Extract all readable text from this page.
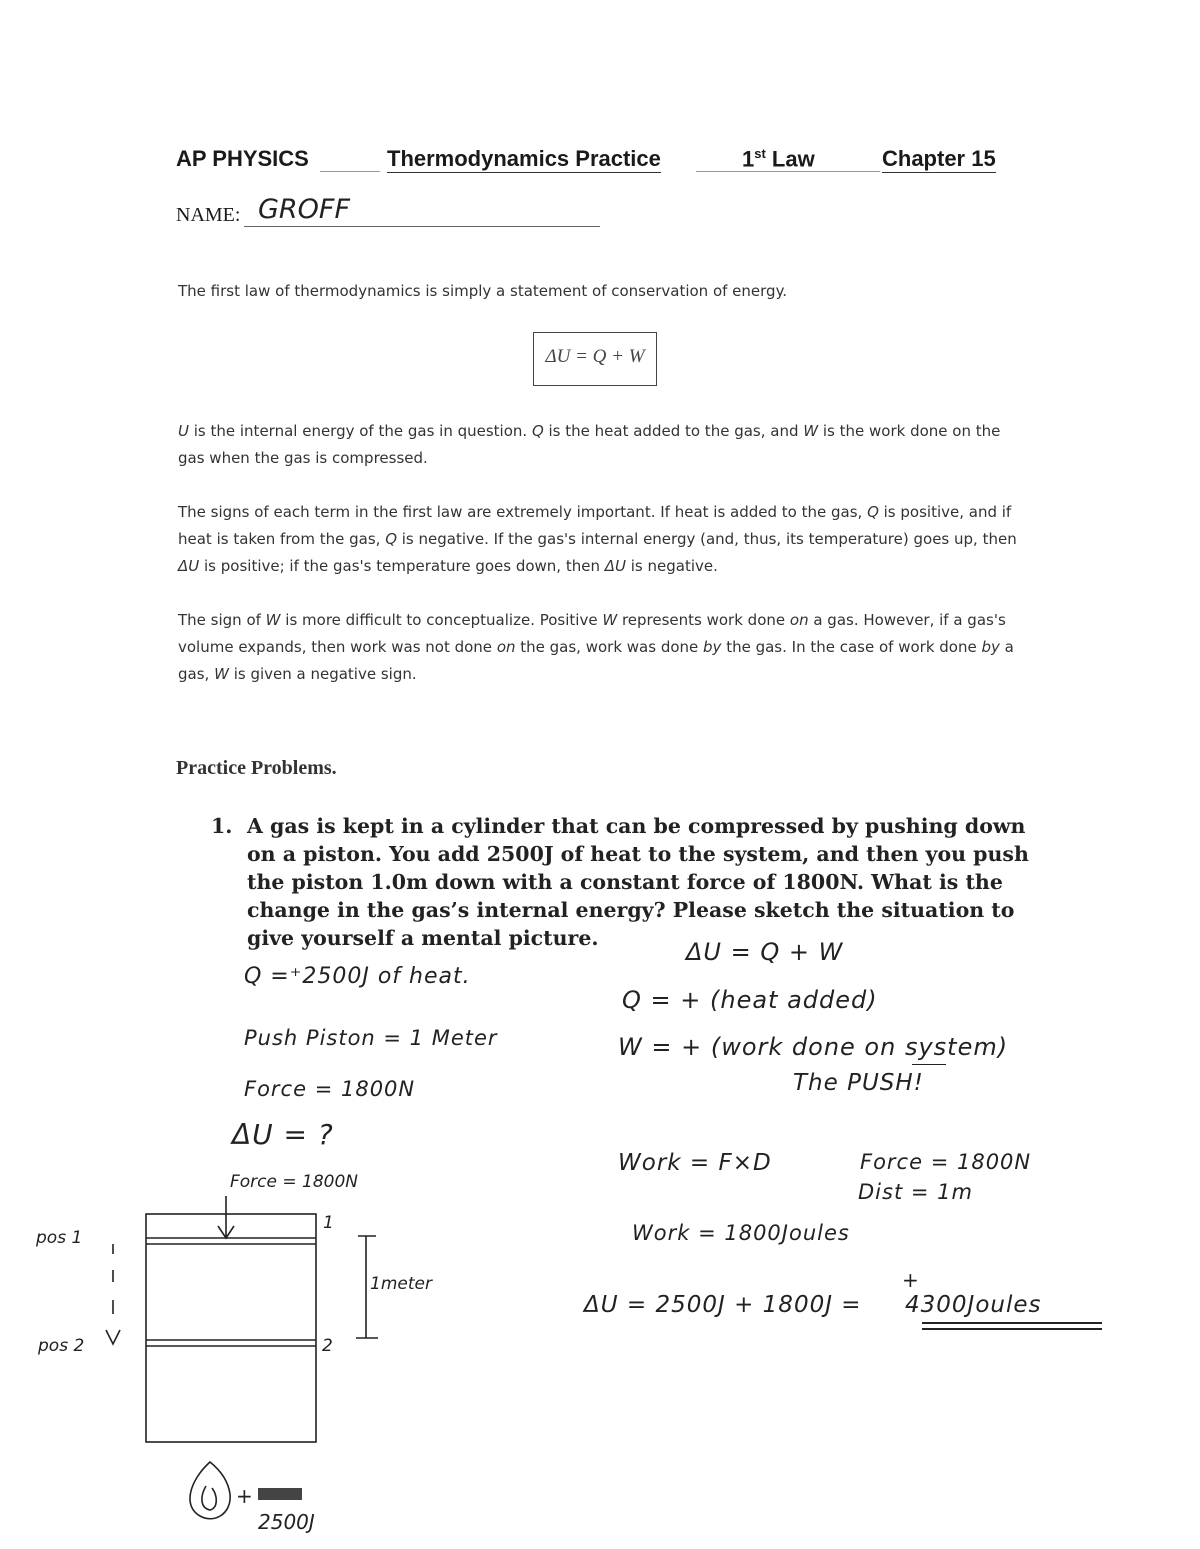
AP PHYSICS	Thermodynamics Practice	1st Law	Chapter 15
NAME: GROFF
The first law of thermodynamics is simply a statement of conservation of energy.
ΔU = Q + W
U is the internal energy of the gas in question. Q is the heat added to the gas, and W is the work done on the gas when the gas is compressed.
The signs of each term in the first law are extremely important. If heat is added to the gas, Q is positive, and if heat is taken from the gas, Q is negative. If the gas's internal energy (and, thus, its temperature) goes up, then ΔU is positive; if the gas's temperature goes down, then ΔU is negative.
The sign of W is more difficult to conceptualize. Positive W represents work done on a gas. However, if a gas's volume expands, then work was not done on the gas, work was done by the gas. In the case of work done by a gas, W is given a negative sign.
Practice Problems.
1. A gas is kept in a cylinder that can be compressed by pushing down on a piston. You add 2500J of heat to the system, and then you push the piston 1.0m down with a constant force of 1800N. What is the change in the gas’s internal energy? Please sketch the situation to give yourself a mental picture.
Q =⁺2500J of heat.
Push Piston = 1 Meter
Force = 1800N
ΔU = ?
ΔU = Q + W
Q = + (heat added)
W = + (work done on system)
The PUSH!
Work = F×D	Force = 1800N
Dist = 1m
Work = 1800Joules
ΔU = 2500J + 1800J =
+
4300Joules
Force = 1800N
pos 1
pos 2
1
2
1meter
+
2500J
